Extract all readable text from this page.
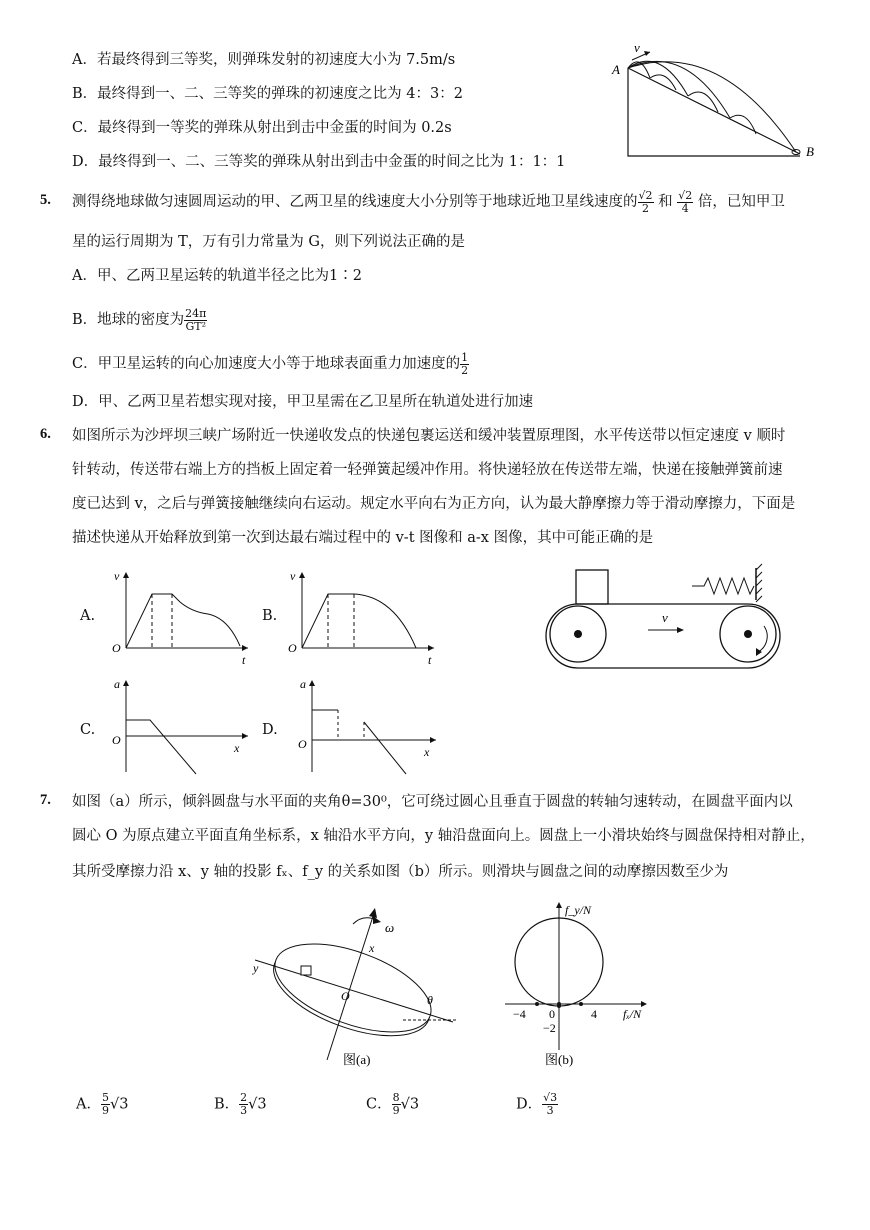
A．若最终得到三等奖，则弹珠发射的初速度大小为 7.5m/s
B．最终得到一、二、三等奖的弹珠的初速度之比为 4：3：2
C．最终得到一等奖的弹珠从射出到击中金蛋的时间为 0.2s
D．最终得到一、二、三等奖的弹珠从射出到击中金蛋的时间之比为 1：1：1
v
A
B
5. 测得绕地球做匀速圆周运动的甲、乙两卫星的线速度大小分别等于地球近地卫星线速度的 $\frac{√2}{2}$ 和 $\frac{√2}{4}$ 倍，已知甲卫
星的运行周期为 T，万有引力常量为 G，则下列说法正确的是
A．甲、乙两卫星运转的轨道半径之比为1∶2
B．地球的密度为 $\frac{24\pi}{\text{GT²}}$
C．甲卫星运转的向心加速度大小等于地球表面重力加速度的 $\frac{1}{2}$
D．甲、乙两卫星若想实现对接，甲卫星需在乙卫星所在轨道处进行加速
6. 如图所示为沙坪坝三峡广场附近一快递收发点的快递包裹运送和缓冲装置原理图，水平传送带以恒定速度 v 顺时
针转动，传送带右端上方的挡板上固定着一轻弹簧起缓冲作用。将快递轻放在传送带左端，快递在接触弹簧前速
度已达到 v，之后与弹簧接触继续向右运动。规定水平向右为正方向，认为最大静摩擦力等于滑动摩擦力，下面是
描述快递从开始释放到第一次到达最右端过程中的 v-t 图像和 a-x 图像，其中可能正确的是
A.
v
O
t
B.
v
O
t
C.
a
O
x
D.
a
O
x
v
7. 如图（a）所示，倾斜圆盘与水平面的夹角θ=30⁰，它可绕过圆心且垂直于圆盘的转轴匀速转动，在圆盘平面内以
圆心 O 为原点建立平面直角坐标系，x 轴沿水平方向，y 轴沿盘面向上。圆盘上一小滑块始终与圆盘保持相对静止，
其所受摩擦力沿 x、y 轴的投影 fₓ、f_y 的关系如图（b）所示。则滑块与圆盘之间的动摩擦因数至少为
ω
x
y
O	θ
图(a)
f_y/N
fₓ/N
−4 0	4
−2
图(b)
A． $\frac{5}{9} √3$	B． $\frac{2}{3} √3$	C． $\frac{8}{9} √3$	D． $\frac{√3}{3}$
